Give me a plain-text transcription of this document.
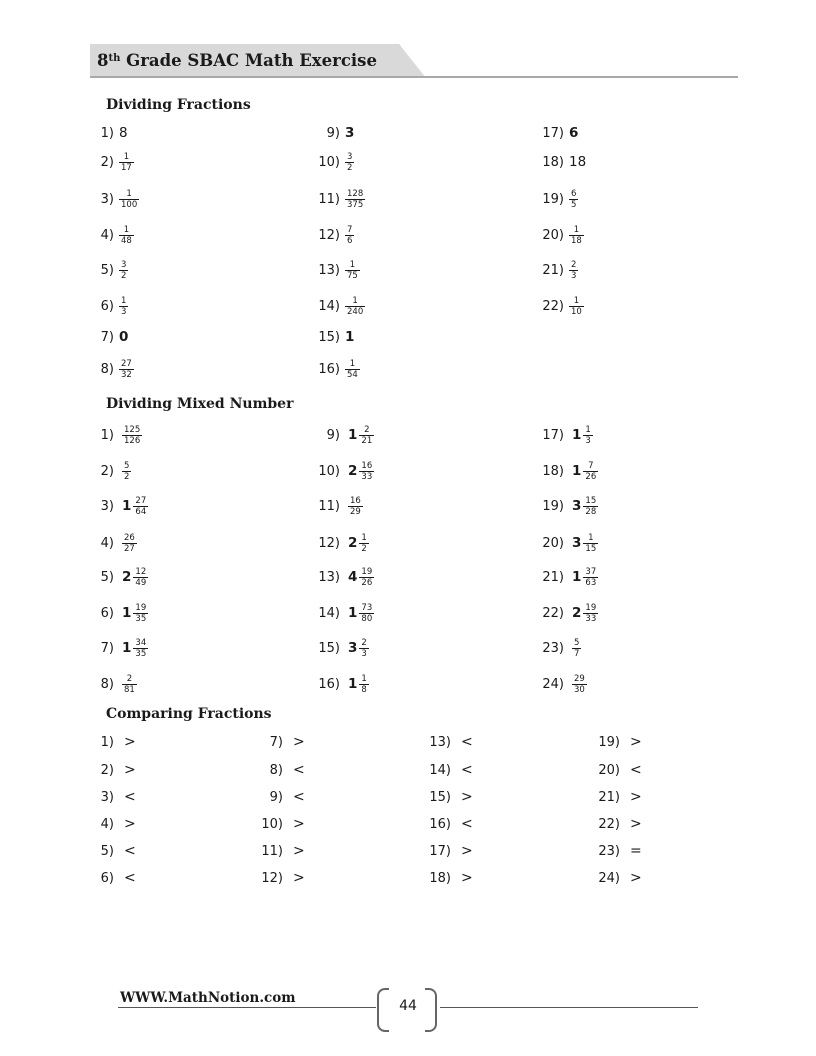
8th Grade SBAC Math Exercise
Dividing Fractions
Dividing Mixed Number
Comparing Fractions
1) 8
$2) \frac{1}{17}$
$3) \frac{1}{100}$
$4) \frac{1}{48}$
$5) \frac{3}{2}$
$6) \frac{1}{3}$
7) 0
$8) \frac{27}{32}$
9) 3
$10) \frac{3}{2}$
$11) \frac{128}{375}$
$12) \frac{7}{6}$
$13) \frac{1}{75}$
$14) \frac{1}{240}$
15) 1
$16) \frac{1}{54}$
17) 6
18) 18
$19) \frac{6}{5}$
$20) \frac{1}{18}$
$21) \frac{2}{3}$
$22) \frac{1}{10}$
$1) \frac{125}{126}$
$2) \frac{5}{2}$
3) $1 \frac{27}{64}$
$4) \frac{26}{27}$
5) $2 \frac{12}{49}$
6) $1 \frac{19}{35}$
7) $1 \frac{34}{35}$
$8) \frac{2}{81}$
9) $1 \frac{2}{21}$
10) $2 \frac{16}{33}$
$11) \frac{16}{29}$
12) $2 \frac{1}{2}$
13) $4 \frac{19}{26}$
14) $1 \frac{73}{80}$
15) $3 \frac{2}{3}$
16) $1 \frac{1}{8}$
17) $1 \frac{1}{3}$
18) $1 \frac{7}{26}$
19) $3 \frac{15}{28}$
20) $3 \frac{1}{15}$
21) $1 \frac{37}{63}$
22) $2 \frac{19}{33}$
$23) \frac{5}{7}$
$24) \frac{29}{30}$
1) >
2) >
3) <
4) >
5) <
6) <
7) >
8) <
9) <
10) >
11) >
12) >
13) <
14) <
15) >
16) <
17) >
18) >
19) >
20) <
21) >
22) >
23) =
24) >

WWW.MathNotion.com	44
